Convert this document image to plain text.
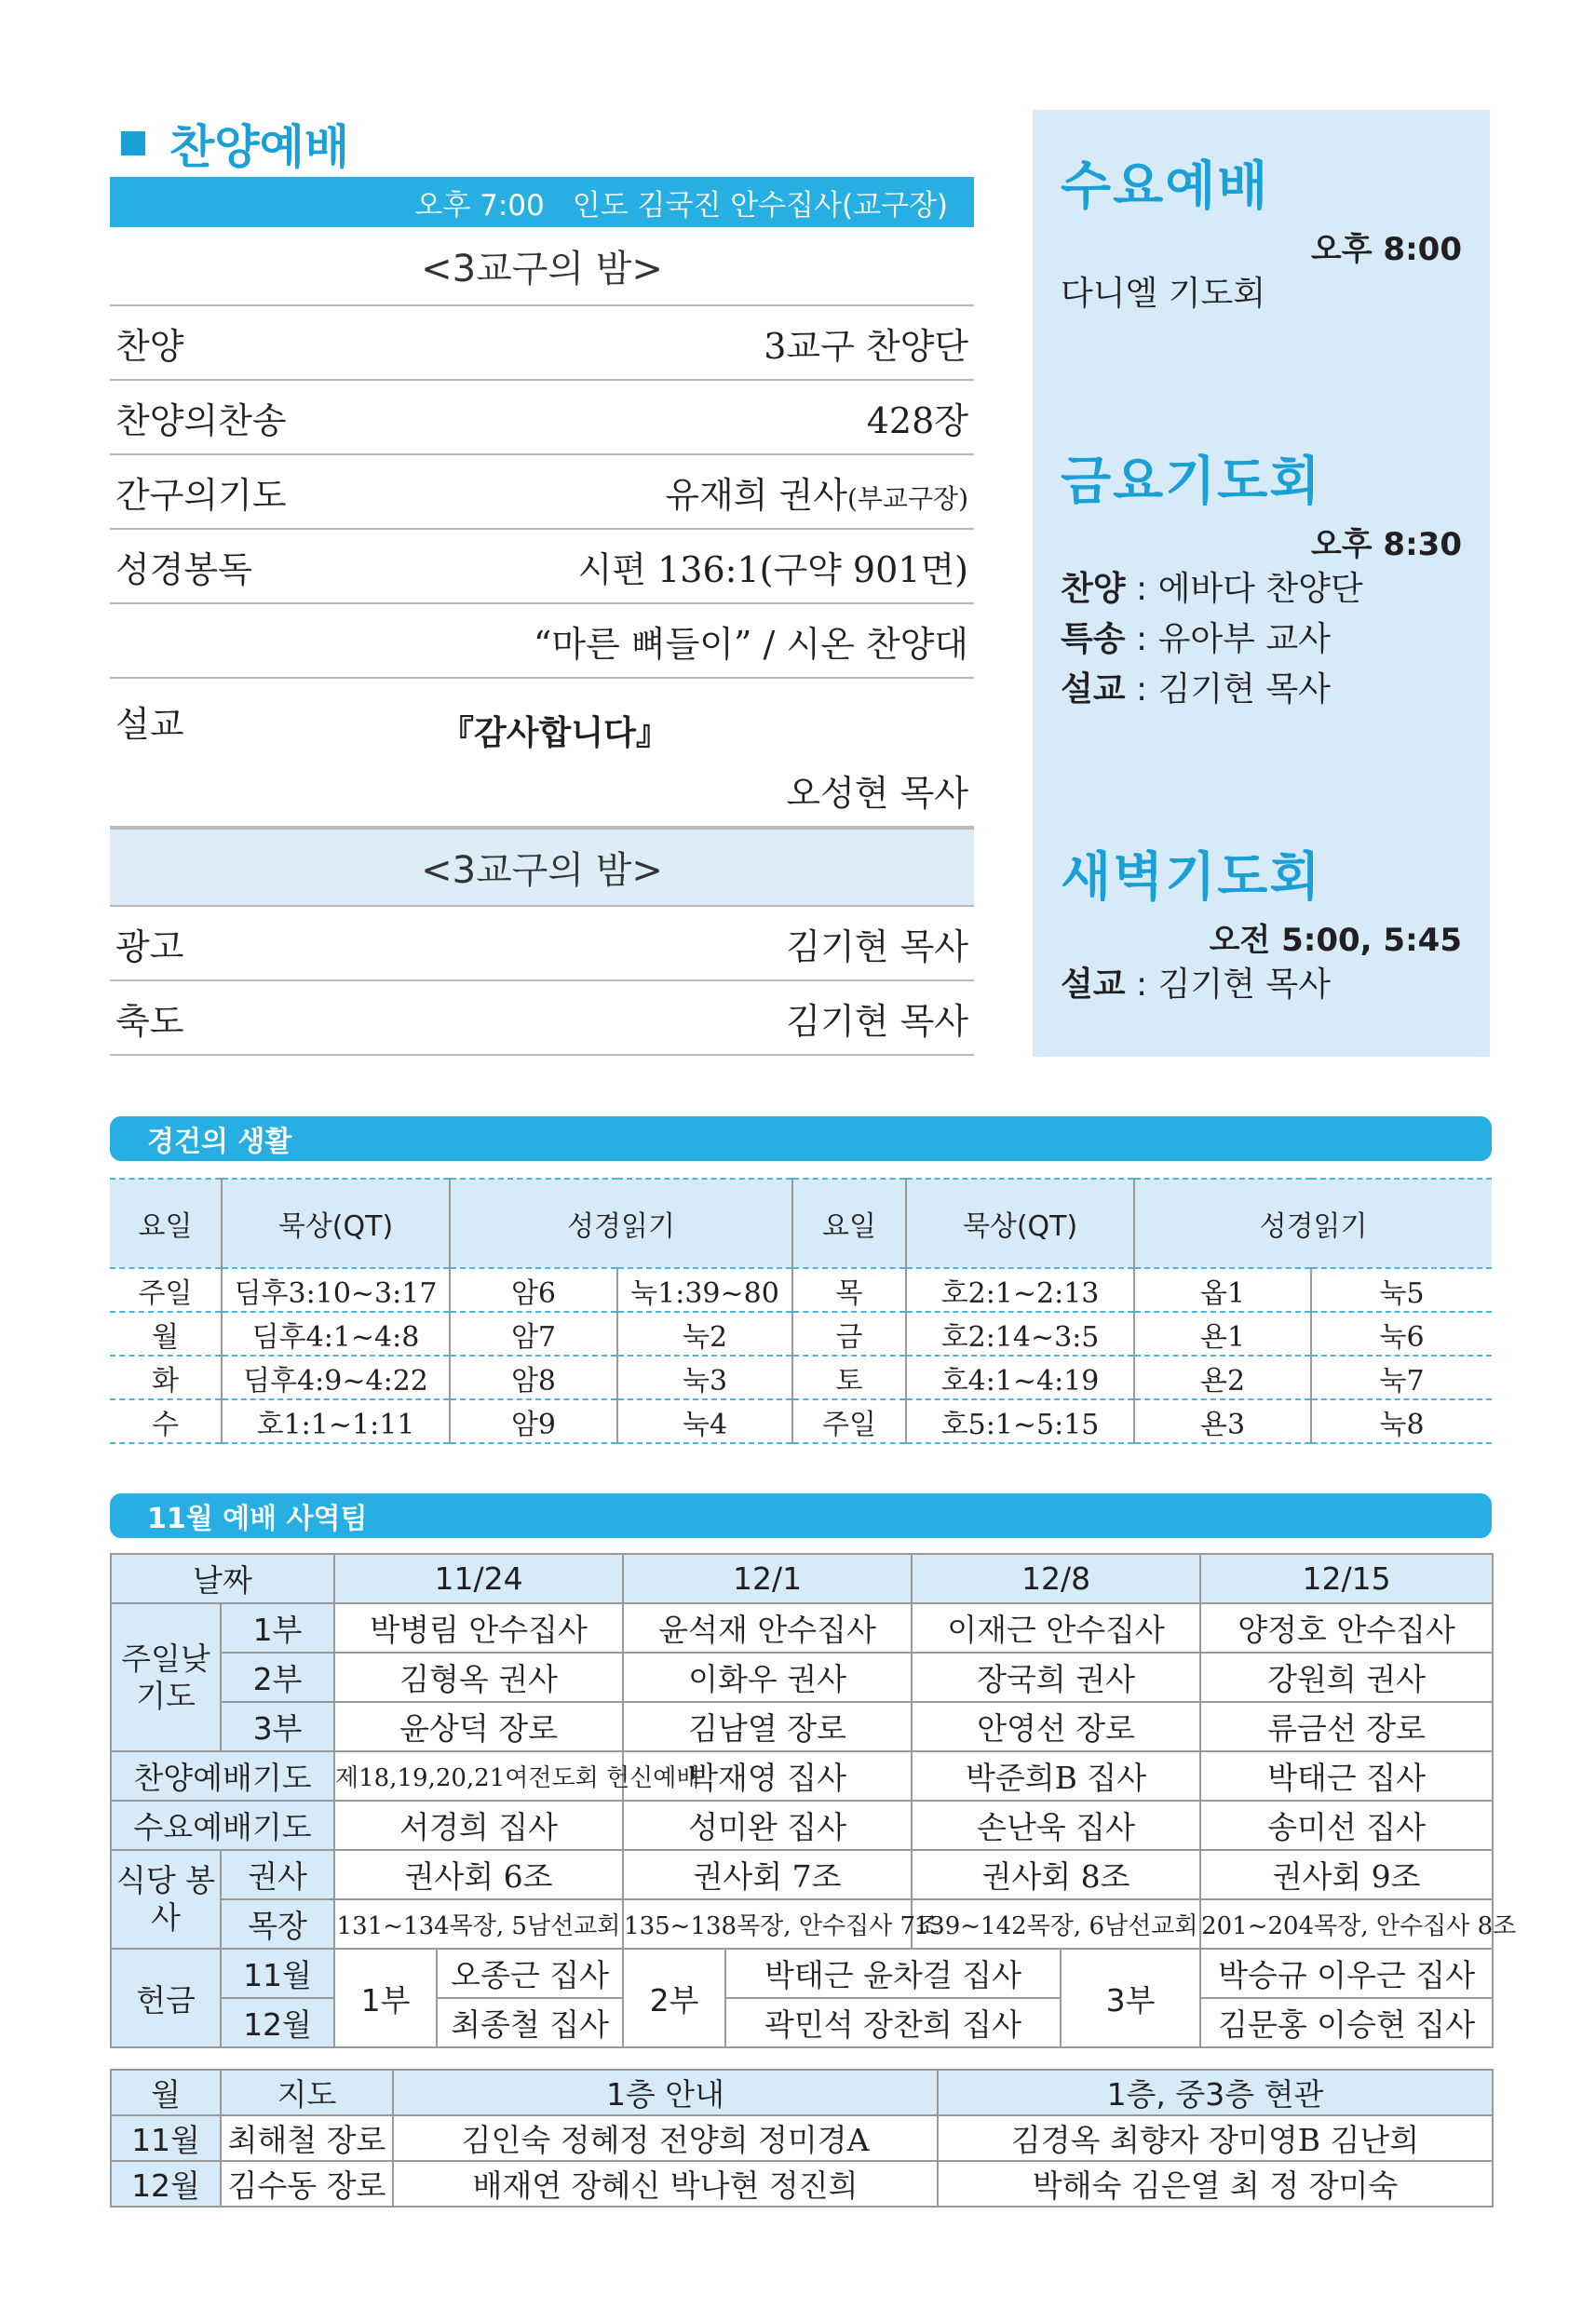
찬양예배
오후 7:00 인도 김국진 안수집사(교구장)
<3교구의 밤>
찬양	3교구 찬양단
찬양의찬송	428장
간구의기도	유재희 권사(부교구장)
성경봉독	시편 136:1(구약 901면)
“마른 뼈들이” / 시온 찬양대
설교	『감사합니다』
오성현 목사
<3교구의 밤>
광고	김기현 목사
축도	김기현 목사
수요예배
오후 8:00
다니엘 기도회
금요기도회
오후 8:30
찬양 : 에바다 찬양단
특송 : 유아부 교사
설교 : 김기현 목사
새벽기도회
오전 5:00, 5:45
설교 : 김기현 목사
경건의 생활
요일	묵상(QT)	성경읽기		요일	묵상(QT)	성경읽기	
주일	딤후3:10~3:17	암6	눅1:39~80	목	호2:1~2:13	옵1	눅5
월	딤후4:1~4:8	암7	눅2	금	호2:14~3:5	욘1	눅6
화	딤후4:9~4:22	암8	눅3	토	호4:1~4:19	욘2	눅7
수	호1:1~1:11	암9	눅4	주일	호5:1~5:15	욘3	눅8
11월 예배 사역팀
날짜		11/24		12/1		12/8		12/15
주일낮 기도	1부	박병림 안수집사		윤석재 안수집사		이재근 안수집사		양정호 안수집사
	2부	김형옥 권사		이화우 권사		장국희 권사		강원희 권사
	3부	윤상덕 장로		김남열 장로		안영선 장로		류금선 장로
찬양예배기도		제18,19,20,21여전도회 헌신예배		박재영 집사		박준희B 집사		박태근 집사
수요예배기도		서경희 집사		성미완 집사		손난욱 집사		송미선 집사
식당 봉사	권사	권사회 6조		권사회 7조		권사회 8조		권사회 9조
	목장	131~134목장, 5남선교회		135~138목장, 안수집사 7조		139~142목장, 6남선교회		201~204목장, 안수집사 8조
헌금	11월	1부	오종근 집사	2부	박태근 윤차걸 집사		3부	박승규 이우근 집사
	12월		최종철 집사		곽민석 장찬희 집사			김문홍 이승현 집사
월	지도	1층 안내	1층, 중3층 현관
11월	최해철 장로	김인숙 정혜정 전양희 정미경A	김경옥 최향자 장미영B 김난희
12월	김수동 장로	배재연 장혜신 박나현 정진희	박해숙 김은열 최 정 장미숙
